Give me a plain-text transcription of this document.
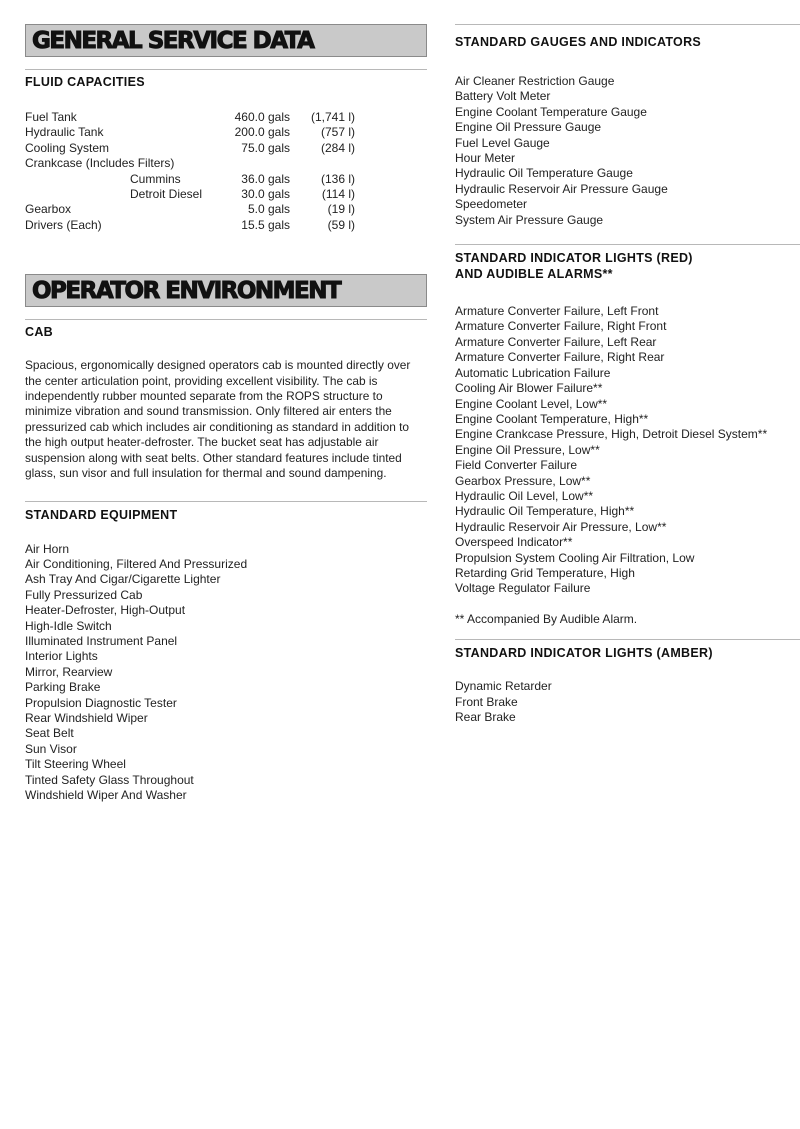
GENERAL SERVICE DATA
FLUID CAPACITIES
Fuel Tank		460.0 gals	(1,741 l)
Hydraulic Tank		200.0 gals	(757 l)
Cooling System		75.0 gals	(284 l)
Crankcase (Includes Filters)			
	Cummins	36.0 gals	(136 l)
	Detroit Diesel	30.0 gals	(114 l)
Gearbox		5.0 gals	(19 l)
Drivers (Each)		15.5 gals	(59 l)
OPERATOR ENVIRONMENT
CAB

Spacious, ergonomically designed operators cab is mounted directly over the center articulation point, providing excellent visibility. The cab is independently rubber mounted separate from the ROPS structure to minimize vibration and sound transmission. Only filtered air enters the pressurized cab which includes air conditioning as standard in addition to the high output heater-defroster. The bucket seat has adjustable air suspension along with seat belts. Other standard features include tinted glass, sun visor and full insulation for thermal and sound dampening.

STANDARD EQUIPMENT
Air Horn
Air Conditioning, Filtered And Pressurized
Ash Tray And Cigar/Cigarette Lighter
Fully Pressurized Cab
Heater-Defroster, High-Output
High-Idle Switch
Illuminated Instrument Panel
Interior Lights
Mirror, Rearview
Parking Brake
Propulsion Diagnostic Tester
Rear Windshield Wiper
Seat Belt
Sun Visor
Tilt Steering Wheel
Tinted Safety Glass Throughout
Windshield Wiper And Washer
STANDARD GAUGES AND INDICATORS
Air Cleaner Restriction Gauge
Battery Volt Meter
Engine Coolant Temperature Gauge
Engine Oil Pressure Gauge
Fuel Level Gauge
Hour Meter
Hydraulic Oil Temperature Gauge
Hydraulic Reservoir Air Pressure Gauge
Speedometer
System Air Pressure Gauge
STANDARD INDICATOR LIGHTS (RED)
AND AUDIBLE ALARMS**
Armature Converter Failure, Left Front
Armature Converter Failure, Right Front
Armature Converter Failure, Left Rear
Armature Converter Failure, Right Rear
Automatic Lubrication Failure
Cooling Air Blower Failure**
Engine Coolant Level, Low**
Engine Coolant Temperature, High**
Engine Crankcase Pressure, High, Detroit Diesel System**
Engine Oil Pressure, Low**
Field Converter Failure
Gearbox Pressure, Low**
Hydraulic Oil Level, Low**
Hydraulic Oil Temperature, High**
Hydraulic Reservoir Air Pressure, Low**
Overspeed Indicator**
Propulsion System Cooling Air Filtration, Low
Retarding Grid Temperature, High
Voltage Regulator Failure
** Accompanied By Audible Alarm.
STANDARD INDICATOR LIGHTS (AMBER)
Dynamic Retarder
Front Brake
Rear Brake
